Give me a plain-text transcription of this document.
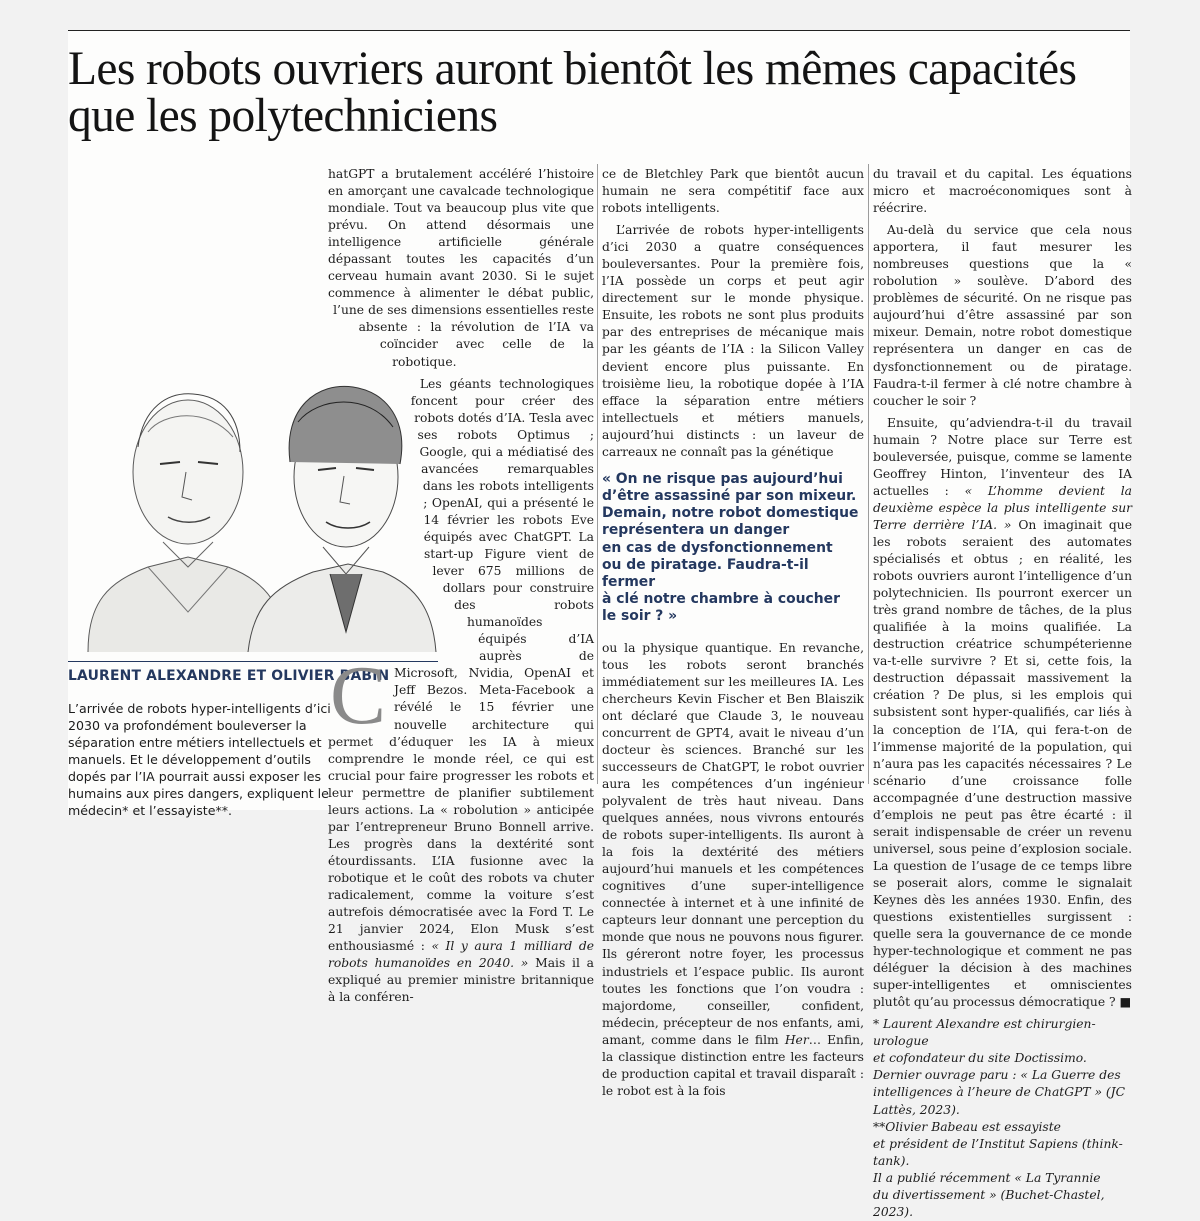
Les robots ouvriers auront bientôt les mêmes capacités que les polytechniciens
LAURENT ALEXANDRE ET OLIVIER BABIN

L’arrivée de robots hyper-intelligents d’ici 2030 va profondément bouleverser la séparation entre métiers intellectuels et manuels. Et le développement d’outils dopés par l’IA pourrait aussi exposer les humains aux pires dangers, expliquent le médecin* et l’essayiste**.

C

hatGPT a brutalement accéléré l’histoire en amorçant une cavalcade technologique mondiale. Tout va beaucoup plus vite que prévu. On attend désormais une intelligence artificielle générale dépassant toutes les capacités d’un cerveau humain avant 2030. Si le sujet commence à alimenter le débat public, l’une de ses dimensions essentielles reste absente : la révolution de l’IA va coïncider avec celle de la robotique.

Les géants technologiques foncent pour créer des robots dotés d’IA. Tesla avec ses robots Optimus ; Google, qui a médiatisé des avancées remarquables dans les robots intelligents ; OpenAI, qui a présenté le 14 février les robots Eve équipés avec ChatGPT. La start-up Figure vient de lever 675 millions de dollars pour construire des robots humanoïdes équipés d’IA auprès de Microsoft, Nvidia, OpenAI et Jeff Bezos. Meta-Facebook a révélé le 15 février une nouvelle architecture qui permet d’éduquer les IA à mieux comprendre le monde réel, ce qui est crucial pour faire progresser les robots et leur permettre de planifier subtilement leurs actions. La « robolution » anticipée par l’entrepreneur Bruno Bonnell arrive. Les progrès dans la dextérité sont étourdissants. L’IA fusionne avec la robotique et le coût des robots va chuter radicalement, comme la voiture s’est autrefois démocratisée avec la Ford T. Le 21 janvier 2024, Elon Musk s’est enthousiasmé : « Il y aura 1 milliard de robots humanoïdes en 2040. » Mais il a expliqué au premier ministre britannique à la conféren-

ce de Bletchley Park que bientôt aucun humain ne sera compétitif face aux robots intelligents.

L’arrivée de robots hyper-intelligents d’ici 2030 a quatre conséquences bouleversantes. Pour la première fois, l’IA possède un corps et peut agir directement sur le monde physique. Ensuite, les robots ne sont plus produits par des entreprises de mécanique mais par les géants de l’IA : la Silicon Valley devient encore plus puissante. En troisième lieu, la robotique dopée à l’IA efface la séparation entre métiers intellectuels et métiers manuels, aujourd’hui distincts : un laveur de carreaux ne connaît pas la génétique

« On ne risque pas aujourd’hui
d’être assassiné par son mixeur.
Demain, notre robot domestique
représentera un danger
en cas de dysfonctionnement
ou de piratage. Faudra-t-il fermer
à clé notre chambre à coucher
le soir ? »

ou la physique quantique. En revanche, tous les robots seront branchés immédiatement sur les meilleures IA. Les chercheurs Kevin Fischer et Ben Blaiszik ont déclaré que Claude 3, le nouveau concurrent de GPT4, avait le niveau d’un docteur ès sciences. Branché sur les successeurs de ChatGPT, le robot ouvrier aura les compétences d’un ingénieur polyvalent de très haut niveau. Dans quelques années, nous vivrons entourés de robots super-intelligents. Ils auront à la fois la dextérité des métiers aujourd’hui manuels et les compétences cognitives d’une super-intelligence connectée à internet et à une infinité de capteurs leur donnant une perception du monde que nous ne pouvons nous figurer. Ils géreront notre foyer, les processus industriels et l’espace public. Ils auront toutes les fonctions que l’on voudra : majordome, conseiller, confident, médecin, précepteur de nos enfants, ami, amant, comme dans le film Her… Enfin, la classique distinction entre les facteurs de production capital et travail disparaît : le robot est à la fois

du travail et du capital. Les équations micro et macroéconomiques sont à réécrire.

Au-delà du service que cela nous apportera, il faut mesurer les nombreuses questions que la « robolution » soulève. D’abord des problèmes de sécurité. On ne risque pas aujourd’hui d’être assassiné par son mixeur. Demain, notre robot domestique représentera un danger en cas de dysfonctionnement ou de piratage. Faudra-t-il fermer à clé notre chambre à coucher le soir ?

Ensuite, qu’adviendra-t-il du travail humain ? Notre place sur Terre est bouleversée, puisque, comme se lamente Geoffrey Hinton, l’inventeur des IA actuelles : « L’homme devient la deuxième espèce la plus intelligente sur Terre derrière l’IA. » On imaginait que les robots seraient des automates spécialisés et obtus ; en réalité, les robots ouvriers auront l’intelligence d’un polytechnicien. Ils pourront exercer un très grand nombre de tâches, de la plus qualifiée à la moins qualifiée. La destruction créatrice schumpéterienne va-t-elle survivre ? Et si, cette fois, la destruction dépassait massivement la création ? De plus, si les emplois qui subsistent sont hyper-qualifiés, car liés à la conception de l’IA, qui fera-t-on de l’immense majorité de la population, qui n’aura pas les capacités nécessaires ? Le scénario d’une croissance folle accompagnée d’une destruction massive d’emplois ne peut pas être écarté : il serait indispensable de créer un revenu universel, sous peine d’explosion sociale. La question de l’usage de ce temps libre se poserait alors, comme le signalait Keynes dès les années 1930. Enfin, des questions existentielles surgissent : quelle sera la gouvernance de ce monde hyper-technologique et comment ne pas déléguer la décision à des machines super-intelligentes et omniscientes plutôt qu’au processus démocratique ? ■

* Laurent Alexandre est chirurgien-urologue
et cofondateur du site Doctissimo.
Dernier ouvrage paru : « La Guerre des intelligences à l’heure de ChatGPT » (JC Lattès, 2023).
**Olivier Babeau est essayiste
et président de l’Institut Sapiens (think-tank).
Il a publié récemment « La Tyrannie
du divertissement » (Buchet-Chastel, 2023).
